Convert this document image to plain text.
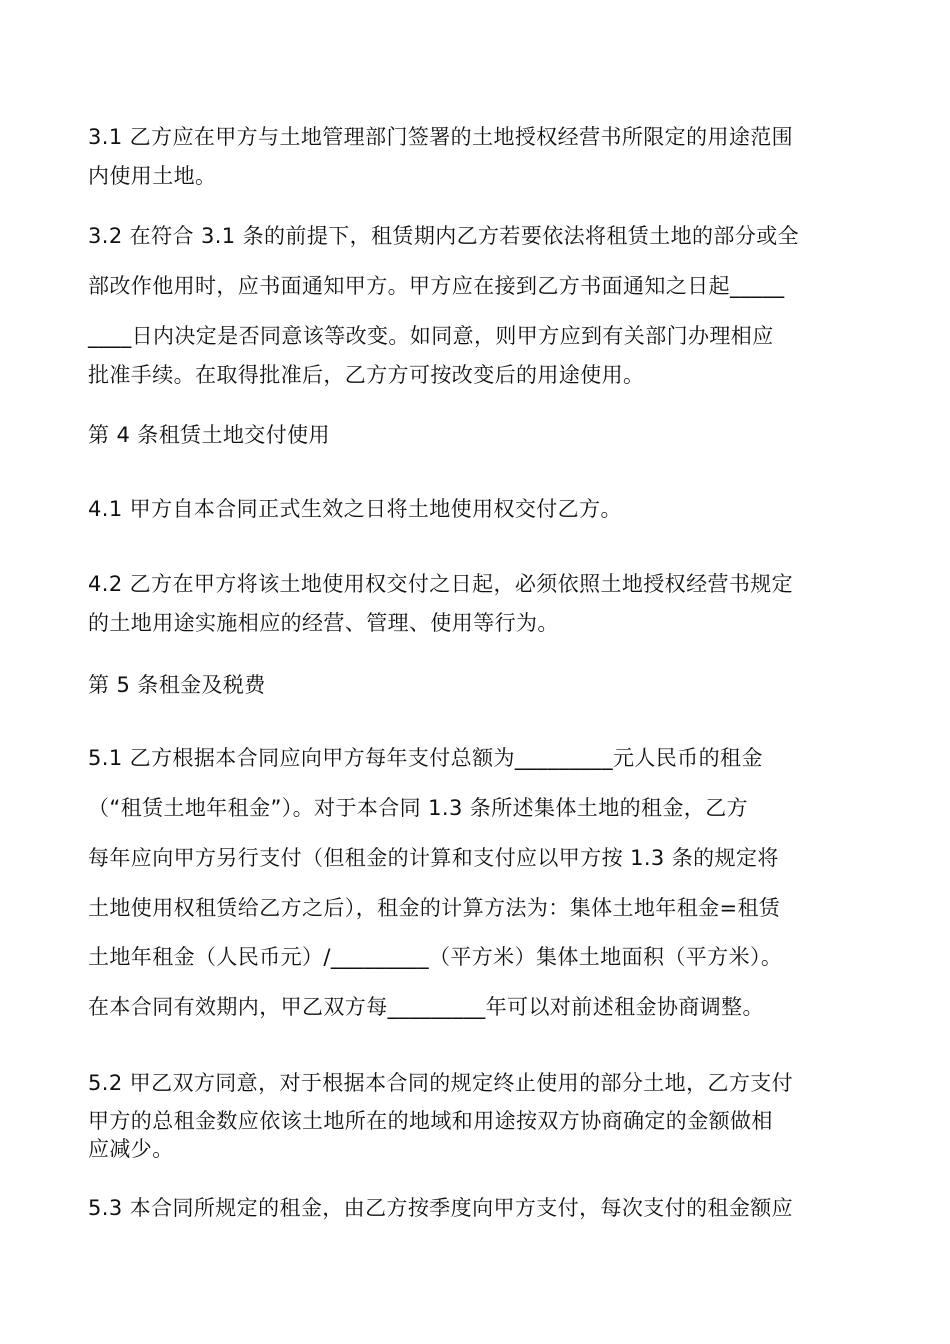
3.1 乙方应在甲方与土地管理部门签署的土地授权经营书所限定的用途范围
内使用土地。
3.2 在符合 3.1 条的前提下，租赁期内乙方若要依法将租赁土地的部分或全
部改作他用时，应书面通知甲方。甲方应在接到乙方书面通知之日起_____
____日内决定是否同意该等改变。如同意，则甲方应到有关部门办理相应
批准手续。在取得批准后，乙方方可按改变后的用途使用。
第 4 条租赁土地交付使用
4.1 甲方自本合同正式生效之日将土地使用权交付乙方。
4.2 乙方在甲方将该土地使用权交付之日起，必须依照土地授权经营书规定
的土地用途实施相应的经营、管理、使用等行为。
第 5 条租金及税费
5.1 乙方根据本合同应向甲方每年支付总额为_________元人民币的租金
（“租赁土地年租金”）。对于本合同 1.3 条所述集体土地的租金，乙方
每年应向甲方另行支付（但租金的计算和支付应以甲方按 1.3 条的规定将
土地使用权租赁给乙方之后），租金的计算方法为：集体土地年租金=租赁
土地年租金（人民币元）/_________（平方米）集体土地面积（平方米）。
在本合同有效期内，甲乙双方每_________年可以对前述租金协商调整。
5.2 甲乙双方同意，对于根据本合同的规定终止使用的部分土地，乙方支付
甲方的总租金数应依该土地所在的地域和用途按双方协商确定的金额做相
应减少。
5.3 本合同所规定的租金，由乙方按季度向甲方支付，每次支付的租金额应
